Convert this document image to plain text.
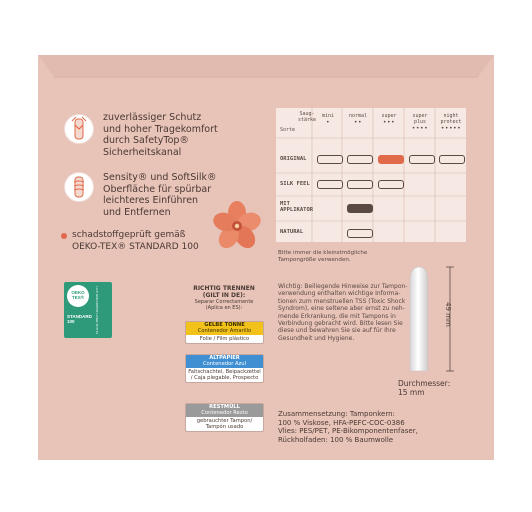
zuverlässiger Schutz
und hoher Tragekomfort
durch SafetyTop®
Sicherheitskanal
Sensity® und SoftSilk®
Oberfläche für spürbar
leichteres Einführen
und Entfernen
schadstoffgeprüft gemäß
OEKO-TEX® STANDARD 100
OEKO TEX®
STANDARD 100	19.HUK.35527 HOHENSTEIN HTTI
Saug-
stärke
Sorte
mini
•
normal
••
super
•••
super plus
••••
night protect
•••••
ORIGINAL
SILK FEEL
MIT APPLIKATOR
NATURAL
Bitte immer die kleinstmögliche
Tampongröße verwenden.
Wichtig: Beiliegende Hinweise zur Tampon-
verwendung enthalten wichtige Informa-
tionen zum menstruellen TSS (Toxic Shock
Syndrom), eine seltene aber ernst zu neh-
mende Erkrankung, die mit Tampons in
Verbindung gebracht wird. Bitte lesen Sie
diese und bewahren Sie sie auf für Ihre
Gesundheit und Hygiene.
49 mm
Durchmesser:
15 mm
RICHTIG TRENNEN
(GILT IN DE):
Separar Correctamente
(Aplica en ES):
GELBE TONNE
Contenedor Amarillo
Folie / Film plástico
ALTPAPIER
Contenedor Azul
Faltschachtel, Beipackzettel / Caja plegable, Prospecto
RESTMÜLL
Contenedor Resto
gebrauchter Tampon/ Tampón usado
Zusammensetzung: Tamponkern:
100 % Viskose, HFA-PEFC-COC-0386
Vlies: PES/PET, PE-Bikomponentenfaser,
Rückholfaden: 100 % Baumwolle
